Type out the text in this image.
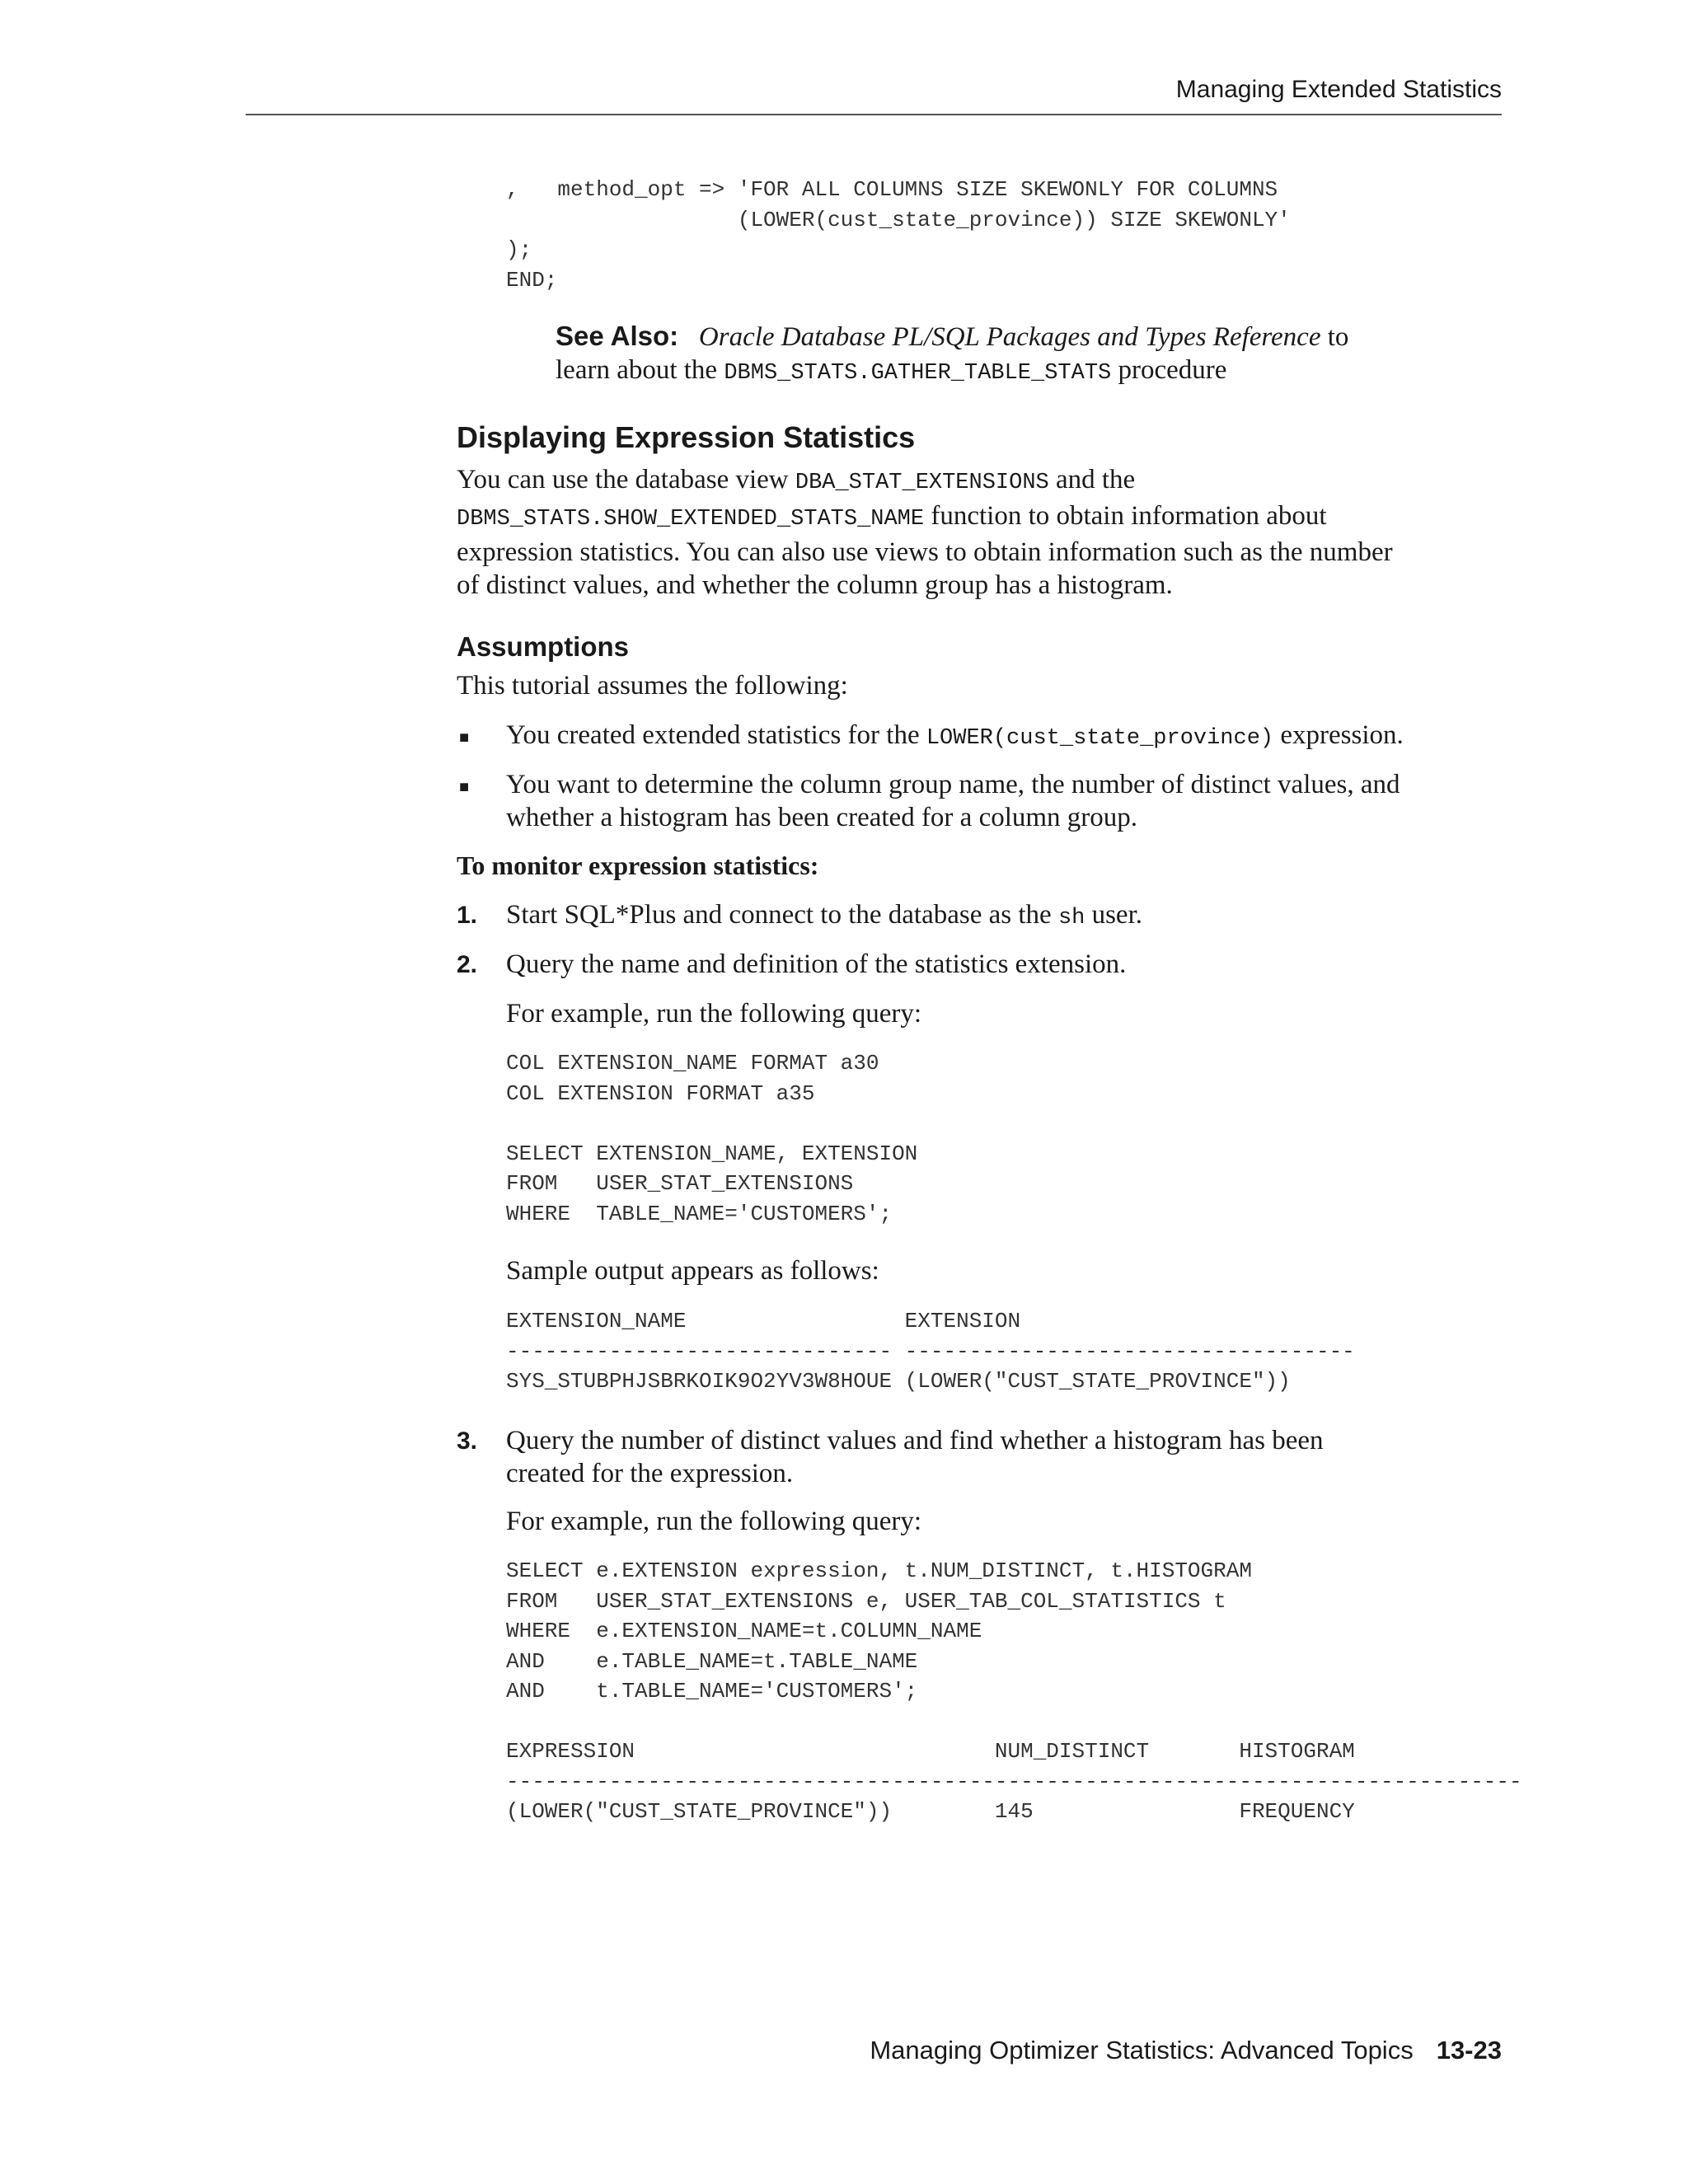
Managing Extended Statistics
,   method_opt => 'FOR ALL COLUMNS SIZE SKEWONLY FOR COLUMNS
(LOWER(cust_state_province)) SIZE SKEWONLY'
);
END;

See Also: Oracle Database PL/SQL Packages and Types Reference to
learn about the DBMS_STATS.GATHER_TABLE_STATS procedure

Displaying Expression Statistics

You can use the database view DBA_STAT_EXTENSIONS and the
DBMS_STATS.SHOW_EXTENDED_STATS_NAME function to obtain information about
expression statistics. You can also use views to obtain information such as the number
of distinct values, and whether the column group has a histogram.

Assumptions

This tutorial assumes the following:

■ You created extended statistics for the LOWER(cust_state_province) expression.

■ You want to determine the column group name, the number of distinct values, and
whether a histogram has been created for a column group.

To monitor expression statistics:

1. Start SQL*Plus and connect to the database as the sh user.

2. Query the name and definition of the statistics extension.

For example, run the following query:

COL EXTENSION_NAME FORMAT a30
COL EXTENSION FORMAT a35

SELECT EXTENSION_NAME, EXTENSION
FROM   USER_STAT_EXTENSIONS
WHERE  TABLE_NAME='CUSTOMERS';

Sample output appears as follows:

EXTENSION_NAME                 EXTENSION
------------------------------ -----------------------------------
SYS_STUBPHJSBRKOIK9O2YV3W8HOUE (LOWER("CUST_STATE_PROVINCE"))
3. Query the number of distinct values and find whether a histogram has been
created for the expression.

For example, run the following query:

SELECT e.EXTENSION expression, t.NUM_DISTINCT, t.HISTOGRAM
FROM   USER_STAT_EXTENSIONS e, USER_TAB_COL_STATISTICS t
WHERE  e.EXTENSION_NAME=t.COLUMN_NAME
AND    e.TABLE_NAME=t.TABLE_NAME
AND    t.TABLE_NAME='CUSTOMERS';

EXPRESSION                            NUM_DISTINCT       HISTOGRAM
-------------------------------------------------------------------------------
(LOWER("CUST_STATE_PROVINCE"))        145                FREQUENCY
Managing Optimizer Statistics: Advanced Topics 13-23
